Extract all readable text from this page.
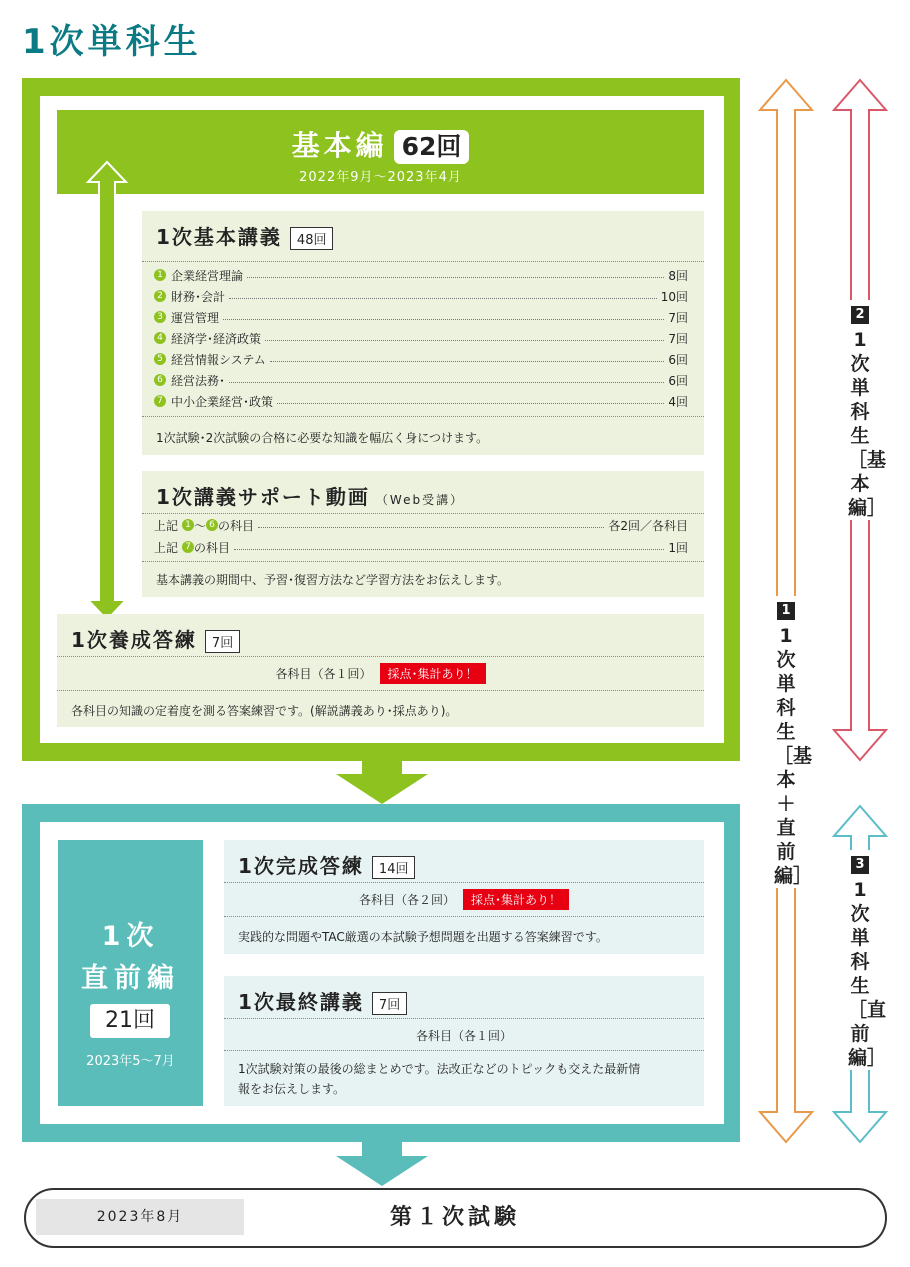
1次単科生
基本編 62回
2022年9月～2023年4月
1次基本講義 48回
1次試験･2次試験の合格に必要な知識を幅広く身につけます。
1 企業経営理論	8回
2 財務･会計	10回
3 運営管理	7回
4 経済学･経済政策	7回
5 経営情報システム	6回
6 経営法務･	6回
7 中小企業経営･政策	4回
1次講義サポート動画 （Web受講）
上記 1 ～ 6 の科目	各2回／各科目
上記 7 の科目	1回
基本講義の期間中、予習･復習方法など学習方法をお伝えします。
1次養成答練 7回
各科目（各１回） 採点･集計あり！
各科目の知識の定着度を測る答案練習です。(解説講義あり･採点あり)。
1次
直前編
21回
2023年5～7月
1次完成答練 14回
各科目（各２回） 採点･集計あり！
実践的な問題やTAC厳選の本試験予想問題を出題する答案練習です。
1次最終講義 7回
各科目（各１回）
1次試験対策の最後の総まとめです。法改正などのトピックも交えた最新情
報をお伝えします。
2023年8月	第１次試験
1
1次単科生［基本＋直前編］
2
1次単科生［基本編］
3
1次単科生［直前編］
